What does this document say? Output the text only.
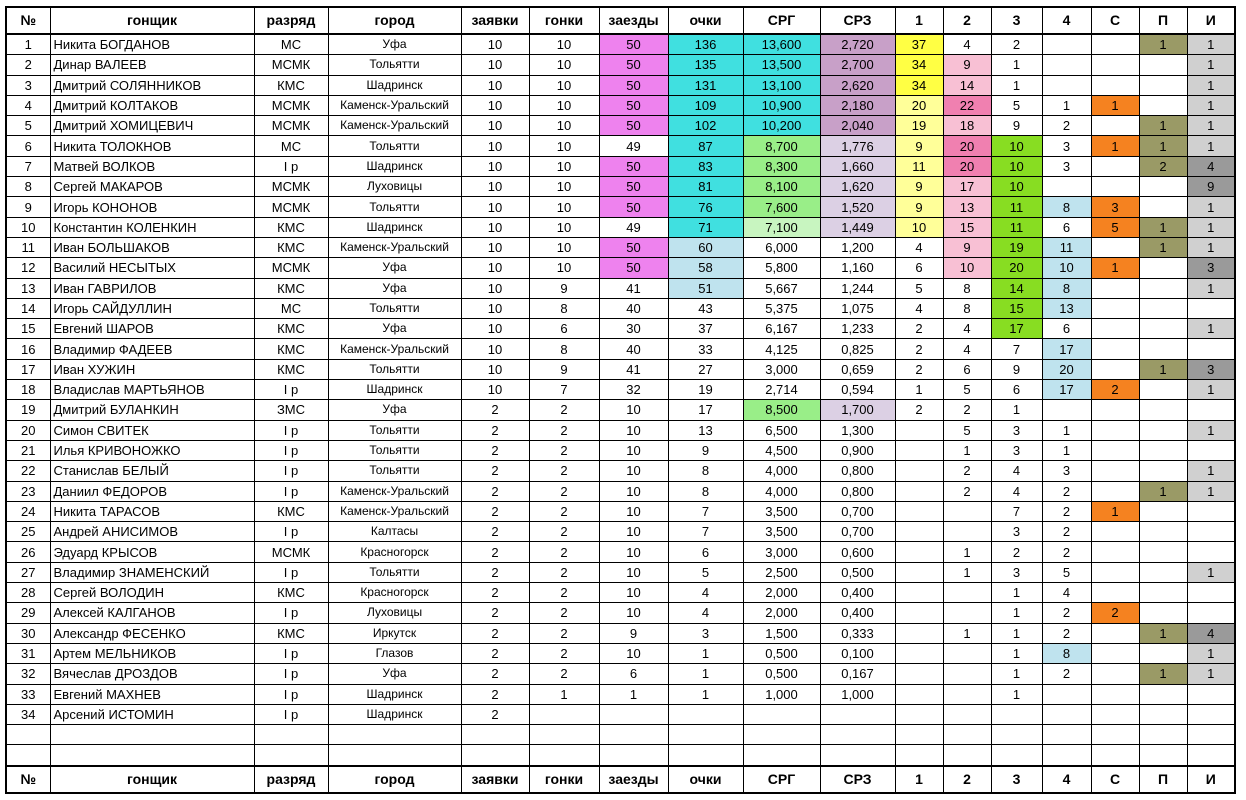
№	гонщик	разряд	город	заявки	гонки	заезды	очки	СРГ	СРЗ	1	2	3	4	С	П	И
1	Никита БОГДАНОВ	МС	Уфа	10	10	50	136	13,600	2,720	37	4	2			1	1
2	Динар ВАЛЕЕВ	МСМК	Тольятти	10	10	50	135	13,500	2,700	34	9	1				1
3	Дмитрий СОЛЯННИКОВ	КМС	Шадринск	10	10	50	131	13,100	2,620	34	14	1				1
4	Дмитрий КОЛТАКОВ	МСМК	Каменск-Уральский	10	10	50	109	10,900	2,180	20	22	5	1	1		1
5	Дмитрий ХОМИЦЕВИЧ	МСМК	Каменск-Уральский	10	10	50	102	10,200	2,040	19	18	9	2		1	1
6	Никита ТОЛОКНОВ	МС	Тольятти	10	10	49	87	8,700	1,776	9	20	10	3	1	1	1
7	Матвей ВОЛКОВ	I р	Шадринск	10	10	50	83	8,300	1,660	11	20	10	3		2	4
8	Сергей МАКАРОВ	МСМК	Луховицы	10	10	50	81	8,100	1,620	9	17	10				9
9	Игорь КОНОНОВ	МСМК	Тольятти	10	10	50	76	7,600	1,520	9	13	11	8	3		1
10	Константин КОЛЕНКИН	КМС	Шадринск	10	10	49	71	7,100	1,449	10	15	11	6	5	1	1
11	Иван БОЛЬШАКОВ	КМС	Каменск-Уральский	10	10	50	60	6,000	1,200	4	9	19	11		1	1
12	Василий НЕСЫТЫХ	МСМК	Уфа	10	10	50	58	5,800	1,160	6	10	20	10	1		3
13	Иван ГАВРИЛОВ	КМС	Уфа	10	9	41	51	5,667	1,244	5	8	14	8			1
14	Игорь САЙДУЛЛИН	МС	Тольятти	10	8	40	43	5,375	1,075	4	8	15	13			
15	Евгений ШАРОВ	КМС	Уфа	10	6	30	37	6,167	1,233	2	4	17	6			1
16	Владимир ФАДЕЕВ	КМС	Каменск-Уральский	10	8	40	33	4,125	0,825	2	4	7	17			
17	Иван ХУЖИН	КМС	Тольятти	10	9	41	27	3,000	0,659	2	6	9	20		1	3
18	Владислав МАРТЬЯНОВ	I р	Шадринск	10	7	32	19	2,714	0,594	1	5	6	17	2		1
19	Дмитрий БУЛАНКИН	ЗМС	Уфа	2	2	10	17	8,500	1,700	2	2	1				
20	Симон СВИТЕК	I р	Тольятти	2	2	10	13	6,500	1,300		5	3	1			1
21	Илья КРИВОНОЖКО	I р	Тольятти	2	2	10	9	4,500	0,900		1	3	1			
22	Станислав БЕЛЫЙ	I р	Тольятти	2	2	10	8	4,000	0,800		2	4	3			1
23	Даниил ФЕДОРОВ	I р	Каменск-Уральский	2	2	10	8	4,000	0,800		2	4	2		1	1
24	Никита ТАРАСОВ	КМС	Каменск-Уральский	2	2	10	7	3,500	0,700			7	2	1		
25	Андрей АНИСИМОВ	I р	Калтасы	2	2	10	7	3,500	0,700			3	2			
26	Эдуард КРЫСОВ	МСМК	Красногорск	2	2	10	6	3,000	0,600		1	2	2			
27	Владимир ЗНАМЕНСКИЙ	I р	Тольятти	2	2	10	5	2,500	0,500		1	3	5			1
28	Сергей ВОЛОДИН	КМС	Красногорск	2	2	10	4	2,000	0,400			1	4			
29	Алексей КАЛГАНОВ	I р	Луховицы	2	2	10	4	2,000	0,400			1	2	2		
30	Александр ФЕСЕНКО	КМС	Иркутск	2	2	9	3	1,500	0,333		1	1	2		1	4
31	Артем МЕЛЬНИКОВ	I р	Глазов	2	2	10	1	0,500	0,100			1	8			1
32	Вячеслав ДРОЗДОВ	I р	Уфа	2	2	6	1	0,500	0,167			1	2		1	1
33	Евгений МАХНЕВ	I р	Шадринск	2	1	1	1	1,000	1,000			1				
34	Арсений ИСТОМИН	I р	Шадринск	2												

№	гонщик	разряд	город	заявки	гонки	заезды	очки	СРГ	СРЗ	1	2	3	4	С	П	И
